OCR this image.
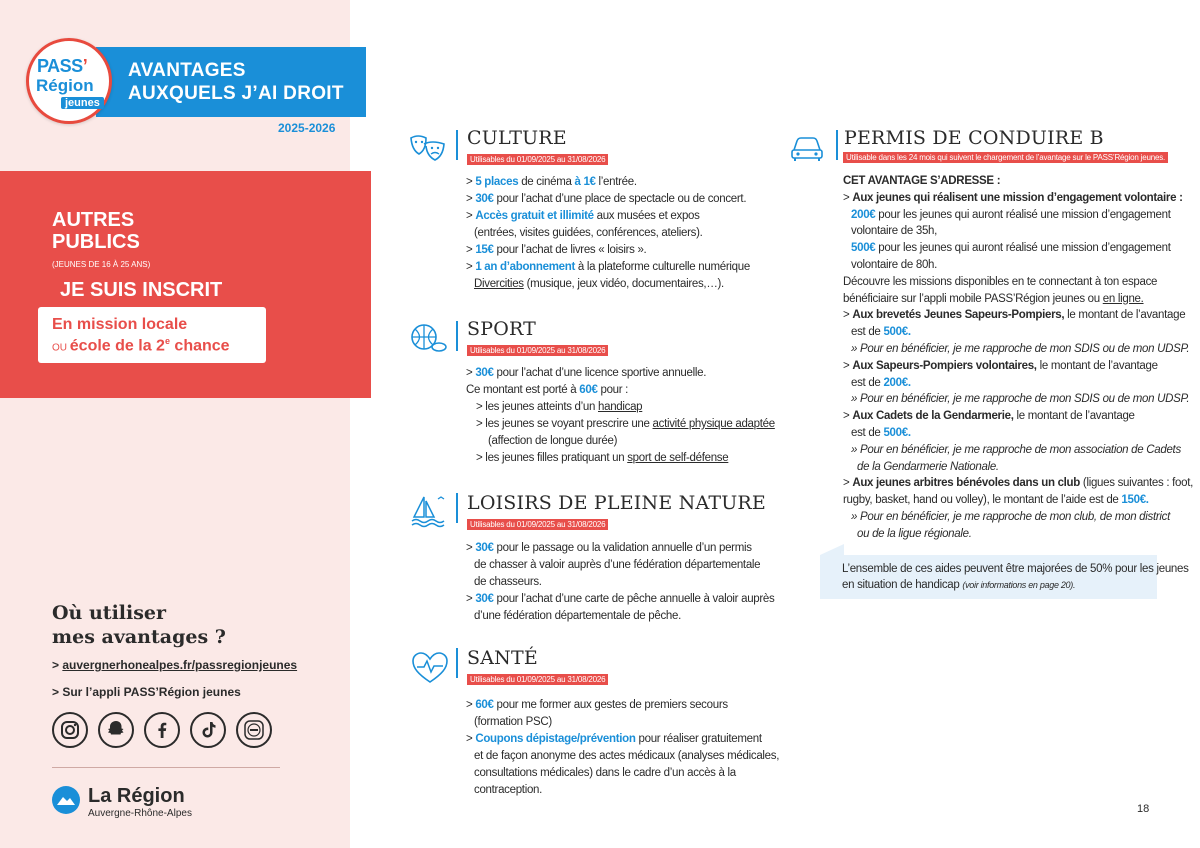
PASS’
Région
jeunes
2025-2026
AUTRES
PUBLICS
(JEUNES DE 16 À 25 ANS)
JE SUIS INSCRIT
En mission locale
OU école de la 2e chance
Où utiliser
mes avantages ?
> auvergnerhonealpes.fr/passregionjeunes
> Sur l’appli PASS’Région jeunes
La Région
Auvergne-Rhône-Alpes
AVANTAGES
AUXQUELS J’AI DROIT
CULTURE
Utilisables du 01/09/2025 au 31/08/2026
> 5 places de cinéma à 1€ l’entrée.
> 30€ pour l’achat d’une place de spectacle ou de concert.
> Accès gratuit et illimité aux musées et expos
(entrées, visites guidées, conférences, ateliers).
> 15€ pour l’achat de livres « loisirs ».
> 1 an d’abonnement à la plateforme culturelle numérique
Divercities (musique, jeux vidéo, documentaires,…).
SPORT
Utilisables du 01/09/2025 au 31/08/2026
> 30€ pour l’achat d’une licence sportive annuelle.
Ce montant est porté à 60€ pour :
> les jeunes atteints d’un handicap
> les jeunes se voyant prescrire une activité physique adaptée
(affection de longue durée)
> les jeunes filles pratiquant un sport de self-défense
LOISIRS DE PLEINE NATURE
Utilisables du 01/09/2025 au 31/08/2026
> 30€ pour le passage ou la validation annuelle d’un permis
de chasser à valoir auprès d’une fédération départementale
de chasseurs.
> 30€ pour l’achat d’une carte de pêche annuelle à valoir auprès
d’une fédération départementale de pêche.
SANTÉ
Utilisables du 01/09/2025 au 31/08/2026
> 60€ pour me former aux gestes de premiers secours
(formation PSC)
> Coupons dépistage/prévention pour réaliser gratuitement
et de façon anonyme des actes médicaux (analyses médicales,
consultations médicales) dans le cadre d’un accès à la
contraception.
PERMIS DE CONDUIRE B
Utilisable dans les 24 mois qui suivent le chargement de l’avantage sur le PASS’Région jeunes.
CET AVANTAGE S’ADRESSE :
> Aux jeunes qui réalisent une mission d’engagement volontaire :
200€ pour les jeunes qui auront réalisé une mission d’engagement
volontaire de 35h,
500€ pour les jeunes qui auront réalisé une mission d’engagement
volontaire de 80h.
Découvre les missions disponibles en te connectant à ton espace
bénéficiaire sur l’appli mobile PASS’Région jeunes ou en ligne.
> Aux brevetés Jeunes Sapeurs-Pompiers, le montant de l’avantage
est de 500€.
» Pour en bénéficier, je me rapproche de mon SDIS ou de mon UDSP.
> Aux Sapeurs-Pompiers volontaires, le montant de l’avantage
est de 200€.
» Pour en bénéficier, je me rapproche de mon SDIS ou de mon UDSP.
> Aux Cadets de la Gendarmerie, le montant de l’avantage
est de 500€.
» Pour en bénéficier, je me rapproche de mon association de Cadets
de la Gendarmerie Nationale.
> Aux jeunes arbitres bénévoles dans un club (ligues suivantes : foot,
rugby, basket, hand ou volley), le montant de l’aide est de 150€.
» Pour en bénéficier, je me rapproche de mon club, de mon district
ou de la ligue régionale.
L’ensemble de ces aides peuvent être majorées de 50% pour les jeunes
en situation de handicap (voir informations en page 20).
18
